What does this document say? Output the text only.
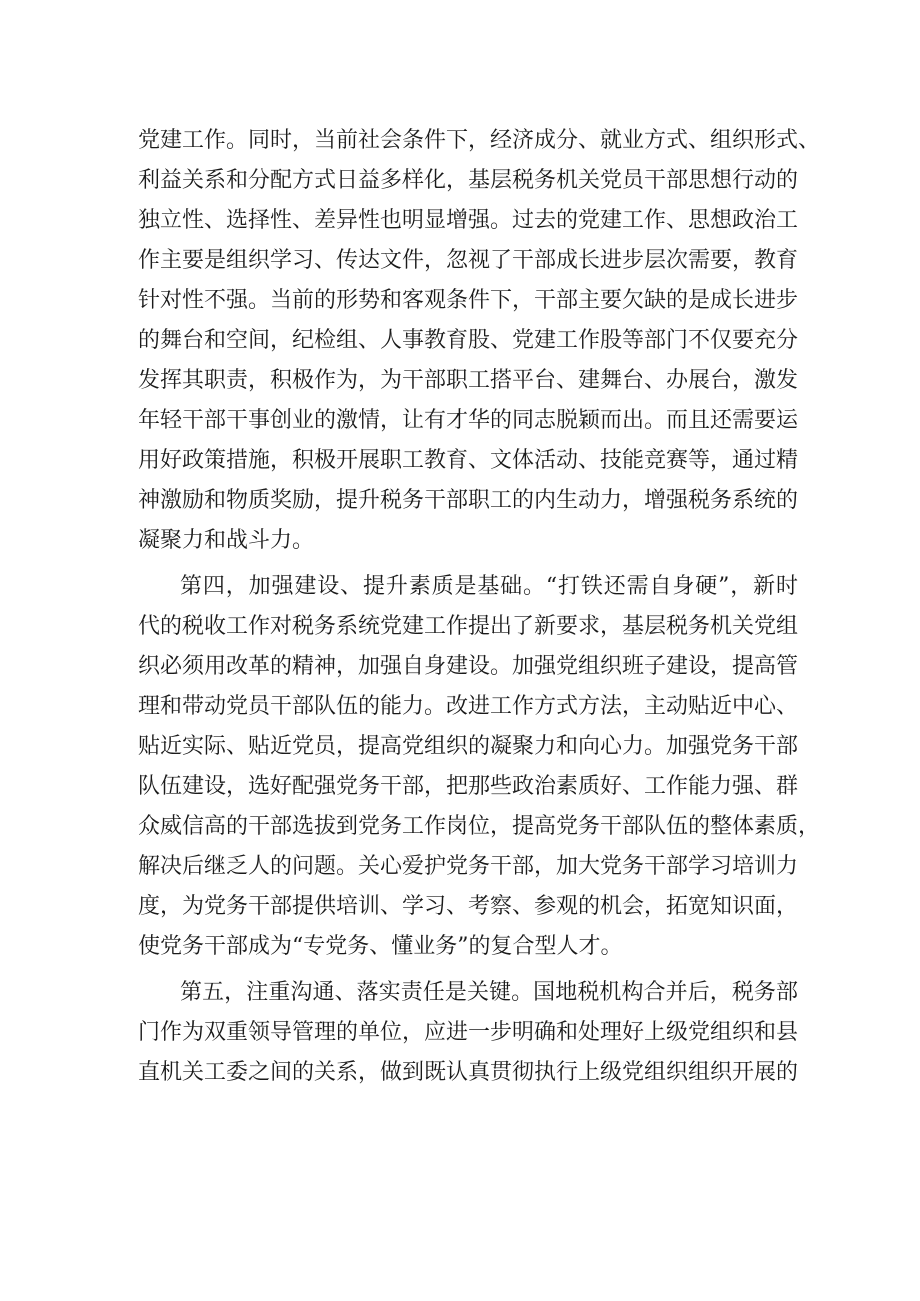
党建工作。同时，当前社会条件下，经济成分、就业方式、组织形式、
利益关系和分配方式日益多样化，基层税务机关党员干部思想行动的
独立性、选择性、差异性也明显增强。过去的党建工作、思想政治工
作主要是组织学习、传达文件，忽视了干部成长进步层次需要，教育
针对性不强。当前的形势和客观条件下，干部主要欠缺的是成长进步
的舞台和空间，纪检组、人事教育股、党建工作股等部门不仅要充分
发挥其职责，积极作为，为干部职工搭平台、建舞台、办展台，激发
年轻干部干事创业的激情，让有才华的同志脱颖而出。而且还需要运
用好政策措施，积极开展职工教育、文体活动、技能竞赛等，通过精
神激励和物质奖励，提升税务干部职工的内生动力，增强税务系统的
凝聚力和战斗力。
第四，加强建设、提升素质是基础。“打铁还需自身硬”，新时
代的税收工作对税务系统党建工作提出了新要求，基层税务机关党组
织必须用改革的精神，加强自身建设。加强党组织班子建设，提高管
理和带动党员干部队伍的能力。改进工作方式方法，主动贴近中心、
贴近实际、贴近党员，提高党组织的凝聚力和向心力。加强党务干部
队伍建设，选好配强党务干部，把那些政治素质好、工作能力强、群
众威信高的干部选拔到党务工作岗位，提高党务干部队伍的整体素质，
解决后继乏人的问题。关心爱护党务干部，加大党务干部学习培训力
度，为党务干部提供培训、学习、考察、参观的机会，拓宽知识面，
使党务干部成为“专党务、懂业务”的复合型人才。
第五，注重沟通、落实责任是关键。国地税机构合并后，税务部
门作为双重领导管理的单位，应进一步明确和处理好上级党组织和县
直机关工委之间的关系，做到既认真贯彻执行上级党组织组织开展的
